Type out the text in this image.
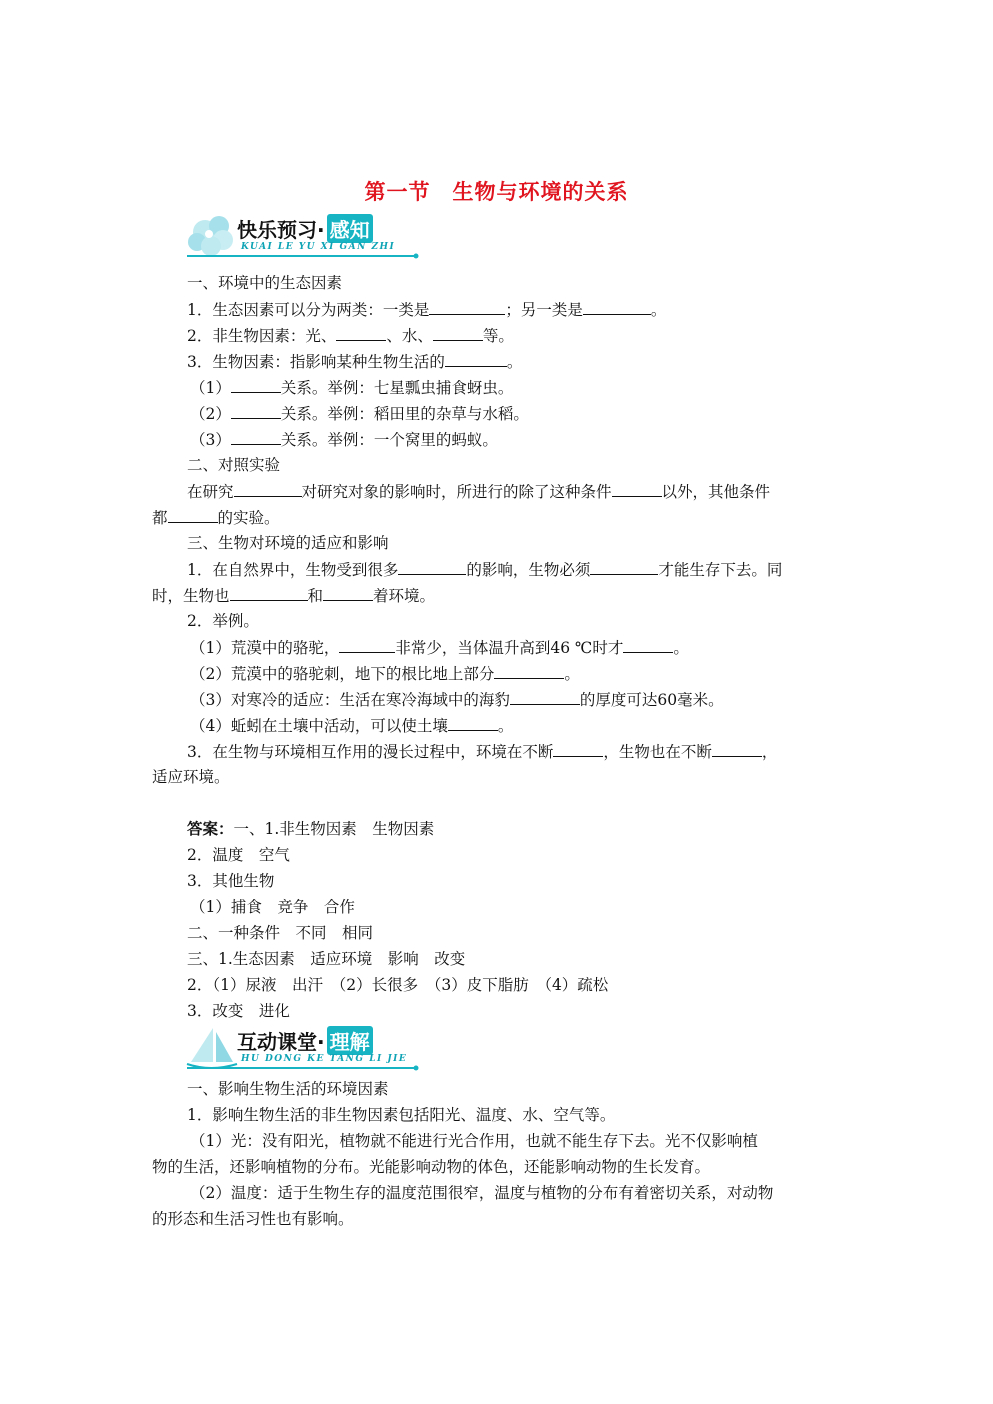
第一节　生物与环境的关系
快乐预习· 感知
KUAI LE YU XI GAN ZHI
一、环境中的生态因素
1．生态因素可以分为两类：一类是	；另一类是	。
2．非生物因素：光、	、水、	等。
3．生物因素：指影响某种生物生活的	。
（1）	关系。举例：七星瓢虫捕食蚜虫。
（2）	关系。举例：稻田里的杂草与水稻。
（3）	关系。举例：一个窝里的蚂蚁。
二、对照实验
在研究	对研究对象的影响时，所进行的除了这种条件	以外，其他条件
都	的实验。
三、生物对环境的适应和影响
1．在自然界中，生物受到很多	的影响，生物必须	才能生存下去。同
时，生物也	和	着环境。
2．举例。
（1）荒漠中的骆驼，	非常少，当体温升高到46 ℃时才	。
（2）荒漠中的骆驼刺，地下的根比地上部分	。
（3）对寒冷的适应：生活在寒冷海域中的海豹	的厚度可达60毫米。
（4）蚯蚓在土壤中活动，可以使土壤	。
3．在生物与环境相互作用的漫长过程中，环境在不断	，生物也在不断	，
适应环境。
答案：一、1.非生物因素　生物因素
2．温度　空气
3．其他生物
（1）捕食　竞争　合作
二、一种条件　不同　相同
三、1.生态因素　适应环境　影响　改变
2．（1）尿液　出汗　（2）长很多　（3）皮下脂肪　（4）疏松
3．改变　进化
互动课堂· 理解
HU DONG KE TANG LI JIE
一、影响生物生活的环境因素
1．影响生物生活的非生物因素包括阳光、温度、水、空气等。
（1）光：没有阳光，植物就不能进行光合作用，也就不能生存下去。光不仅影响植
物的生活，还影响植物的分布。光能影响动物的体色，还能影响动物的生长发育。
（2）温度：适于生物生存的温度范围很窄，温度与植物的分布有着密切关系，对动物
的形态和生活习性也有影响。
